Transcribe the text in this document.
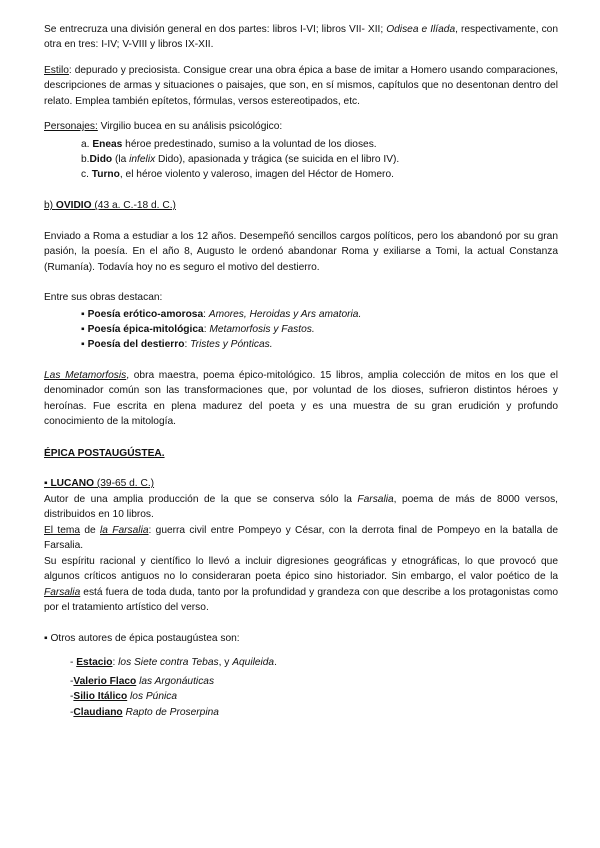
Se entrecruza una división general en dos partes: libros I-VI; libros VII- XII; Odisea e Ilíada, respectivamente, con otra en tres: I-IV; V-VIII y libros IX-XII.

Estilo: depurado y preciosista. Consigue crear una obra épica a base de imitar a Homero usando comparaciones, descripciones de armas y situaciones o paisajes, que son, en sí mismos, capítulos que no desentonan dentro del relato. Emplea también epítetos, fórmulas, versos estereotipados, etc.

Personajes: Virgilio bucea en su análisis psicológico:

a. Eneas héroe predestinado, sumiso a la voluntad de los dioses.
b.Dido (la infelix Dido), apasionada y trágica (se suicida en el libro IV).
c. Turno, el héroe violento y valeroso, imagen del Héctor de Homero.

b) OVIDIO (43 a. C.-18 d. C.)

Enviado a Roma a estudiar a los 12 años. Desempeñó sencillos cargos políticos, pero los abandonó por su gran pasión, la poesía. En el año 8, Augusto le ordenó abandonar Roma y exiliarse a Tomi, la actual Constanza (Rumanía). Todavía hoy no es seguro el motivo del destierro.

Entre sus obras destacan:

▪ Poesía erótico-amorosa: Amores, Heroidas y Ars amatoria.
▪ Poesía épica-mitológica: Metamorfosis y Fastos.
▪ Poesía del destierro: Tristes y Pónticas.

Las Metamorfosis, obra maestra, poema épico-mitológico. 15 libros, amplia colección de mitos en los que el denominador común son las transformaciones que, por voluntad de los dioses, sufrieron distintos héroes y heroínas. Fue escrita en plena madurez del poeta y es una muestra de su gran erudición y profundo conocimiento de la mitología.

ÉPICA POSTAUGÚSTEA.

▪ LUCANO (39-65 d. C.)

Autor de una amplia producción de la que se conserva sólo la Farsalia, poema de más de 8000 versos, distribuidos en 10 libros.

El tema de la Farsalia: guerra civil entre Pompeyo y César, con la derrota final de Pompeyo en la batalla de Farsalia.

Su espíritu racional y científico lo llevó a incluir digresiones geográficas y etnográficas, lo que provocó que algunos críticos antiguos no lo consideraran poeta épico sino historiador. Sin embargo, el valor poético de la Farsalia está fuera de toda duda, tanto por la profundidad y grandeza con que describe a los protagonistas como por el tratamiento artístico del verso.

▪ Otros autores de épica postaugústea son:

- Estacio: los Siete contra Tebas, y Aquileida.
-Valerio Flaco las Argonáuticas
-Silio Itálico los Púnica
-Claudiano Rapto de Proserpina
